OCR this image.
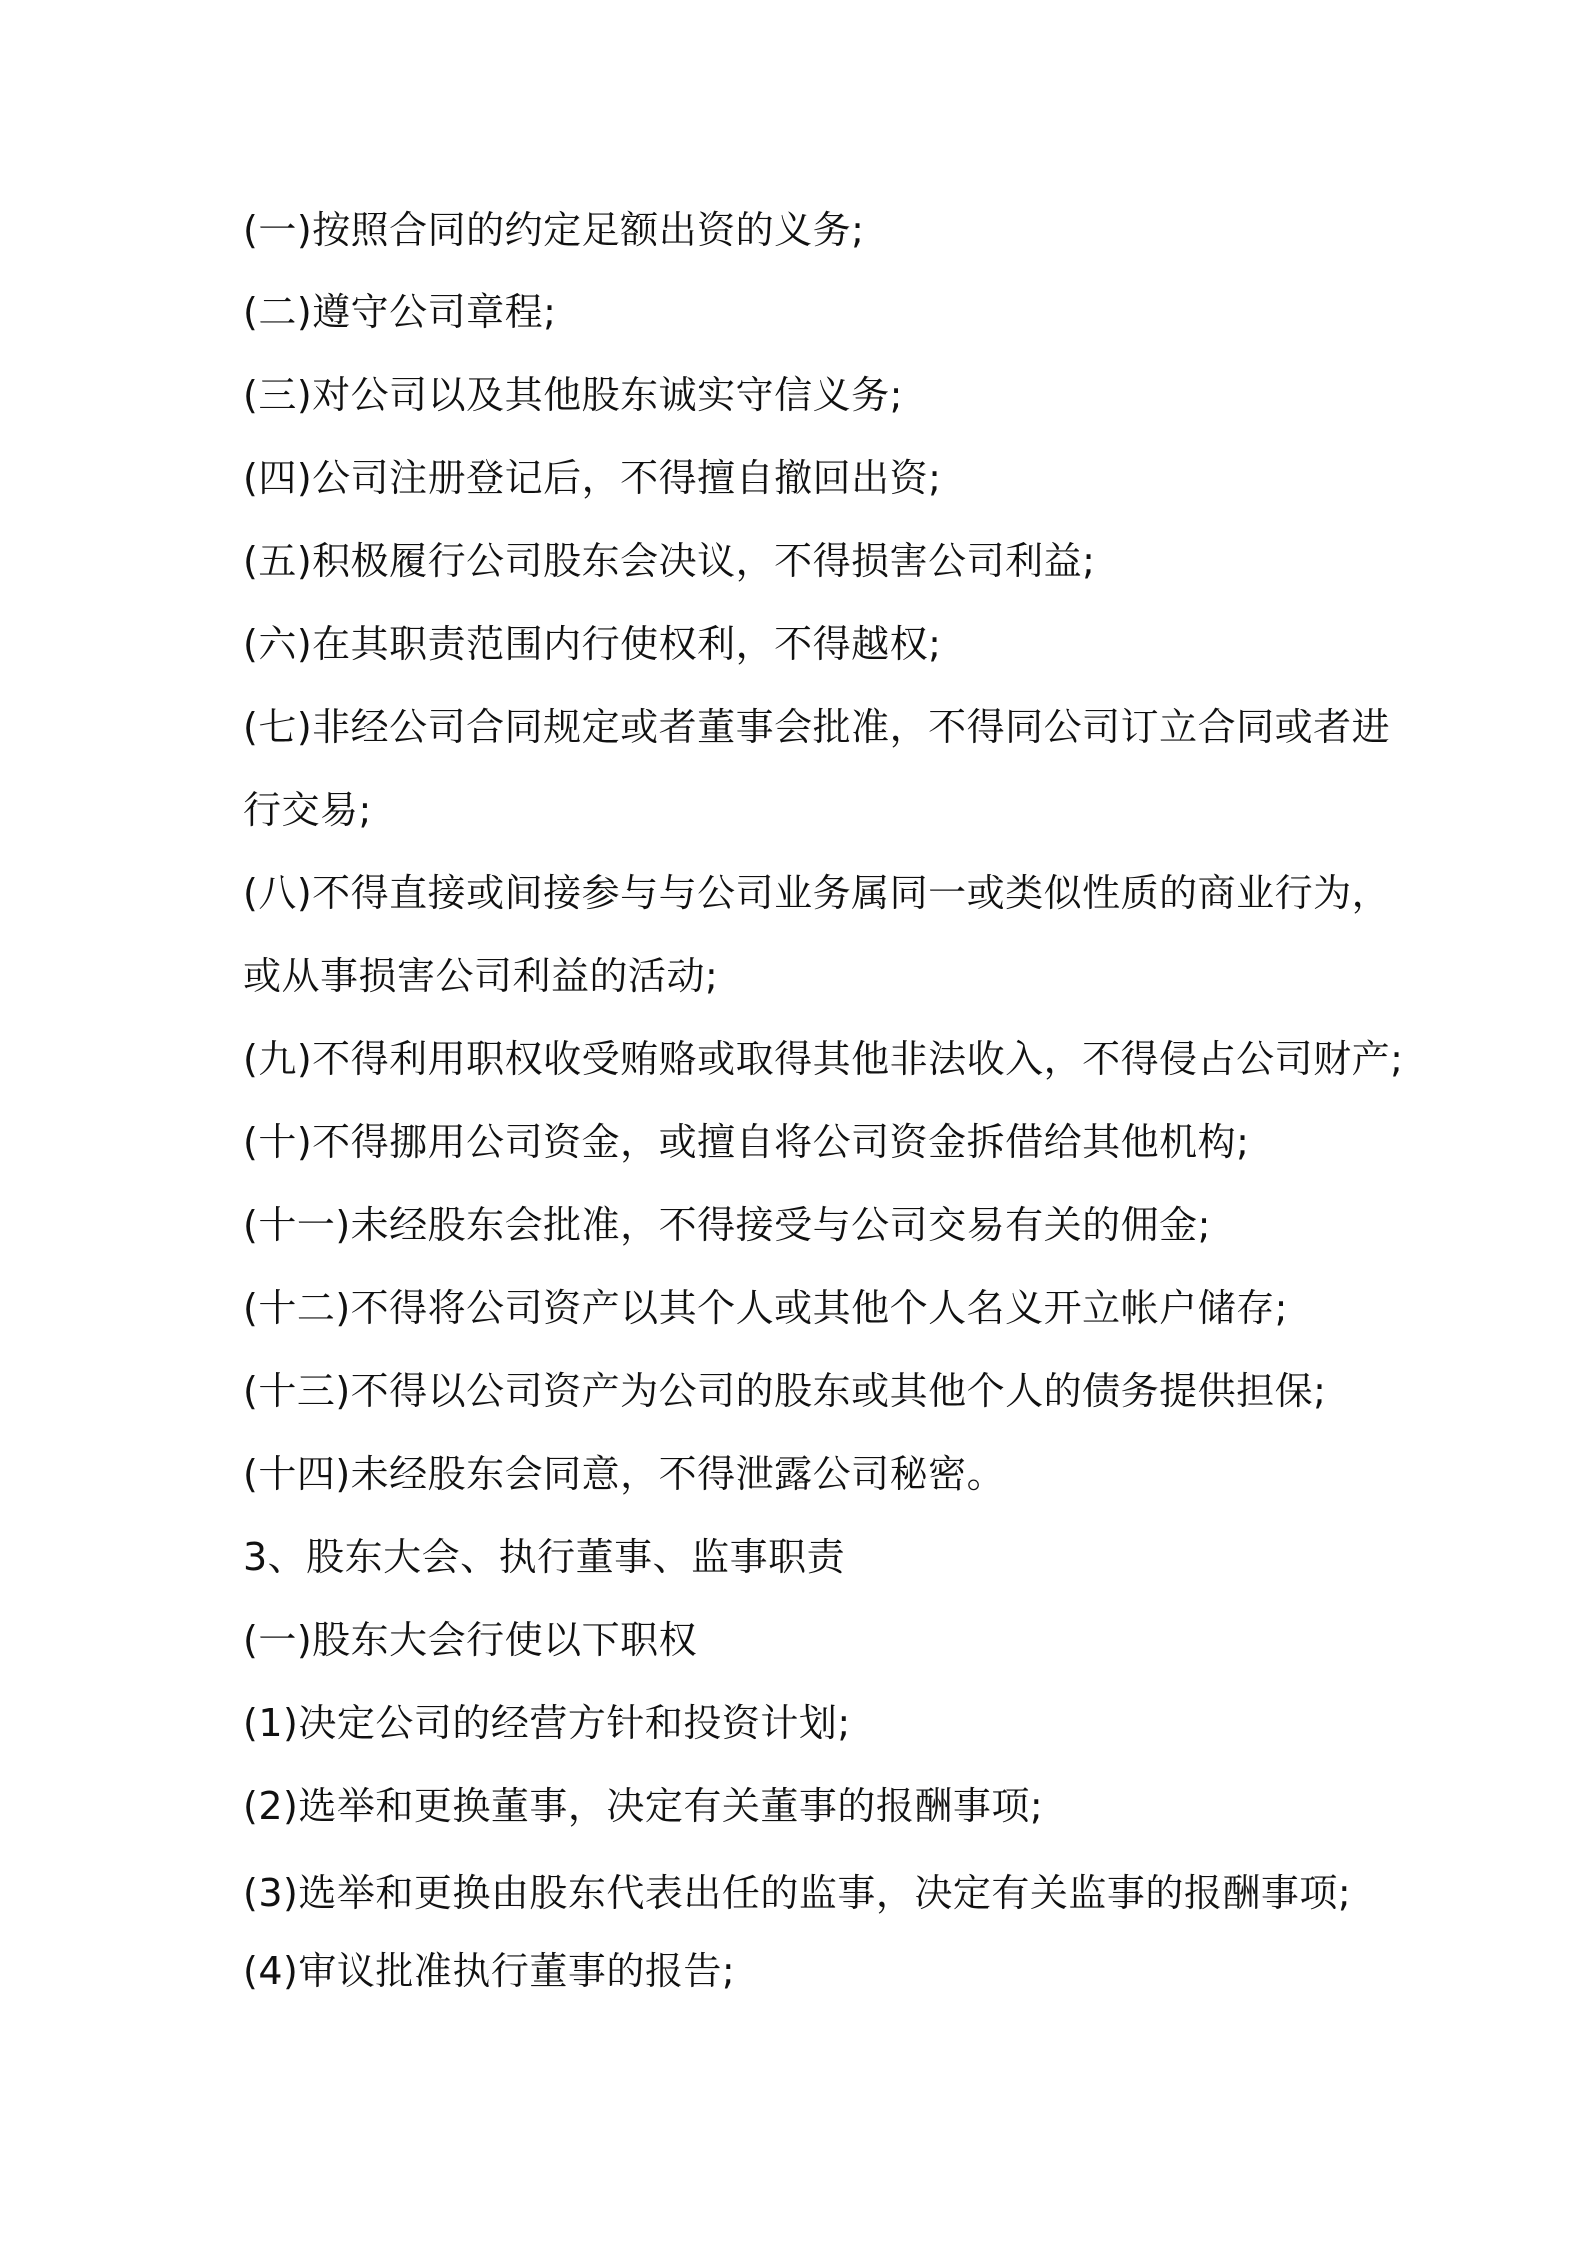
(一)按照合同的约定足额出资的义务;
(二)遵守公司章程;
(三)对公司以及其他股东诚实守信义务;
(四)公司注册登记后，不得擅自撤回出资;
(五)积极履行公司股东会决议，不得损害公司利益;
(六)在其职责范围内行使权利，不得越权;
(七)非经公司合同规定或者董事会批准，不得同公司订立合同或者进
行交易;
(八)不得直接或间接参与与公司业务属同一或类似性质的商业行为，
或从事损害公司利益的活动;
(九)不得利用职权收受贿赂或取得其他非法收入，不得侵占公司财产;
(十)不得挪用公司资金，或擅自将公司资金拆借给其他机构;
(十一)未经股东会批准，不得接受与公司交易有关的佣金;
(十二)不得将公司资产以其个人或其他个人名义开立帐户储存;
(十三)不得以公司资产为公司的股东或其他个人的债务提供担保;
(十四)未经股东会同意，不得泄露公司秘密。
3、股东大会、执行董事、监事职责
(一)股东大会行使以下职权
(1)决定公司的经营方针和投资计划;
(2)选举和更换董事，决定有关董事的报酬事项;
(3)选举和更换由股东代表出任的监事，决定有关监事的报酬事项;
(4)审议批准执行董事的报告;
